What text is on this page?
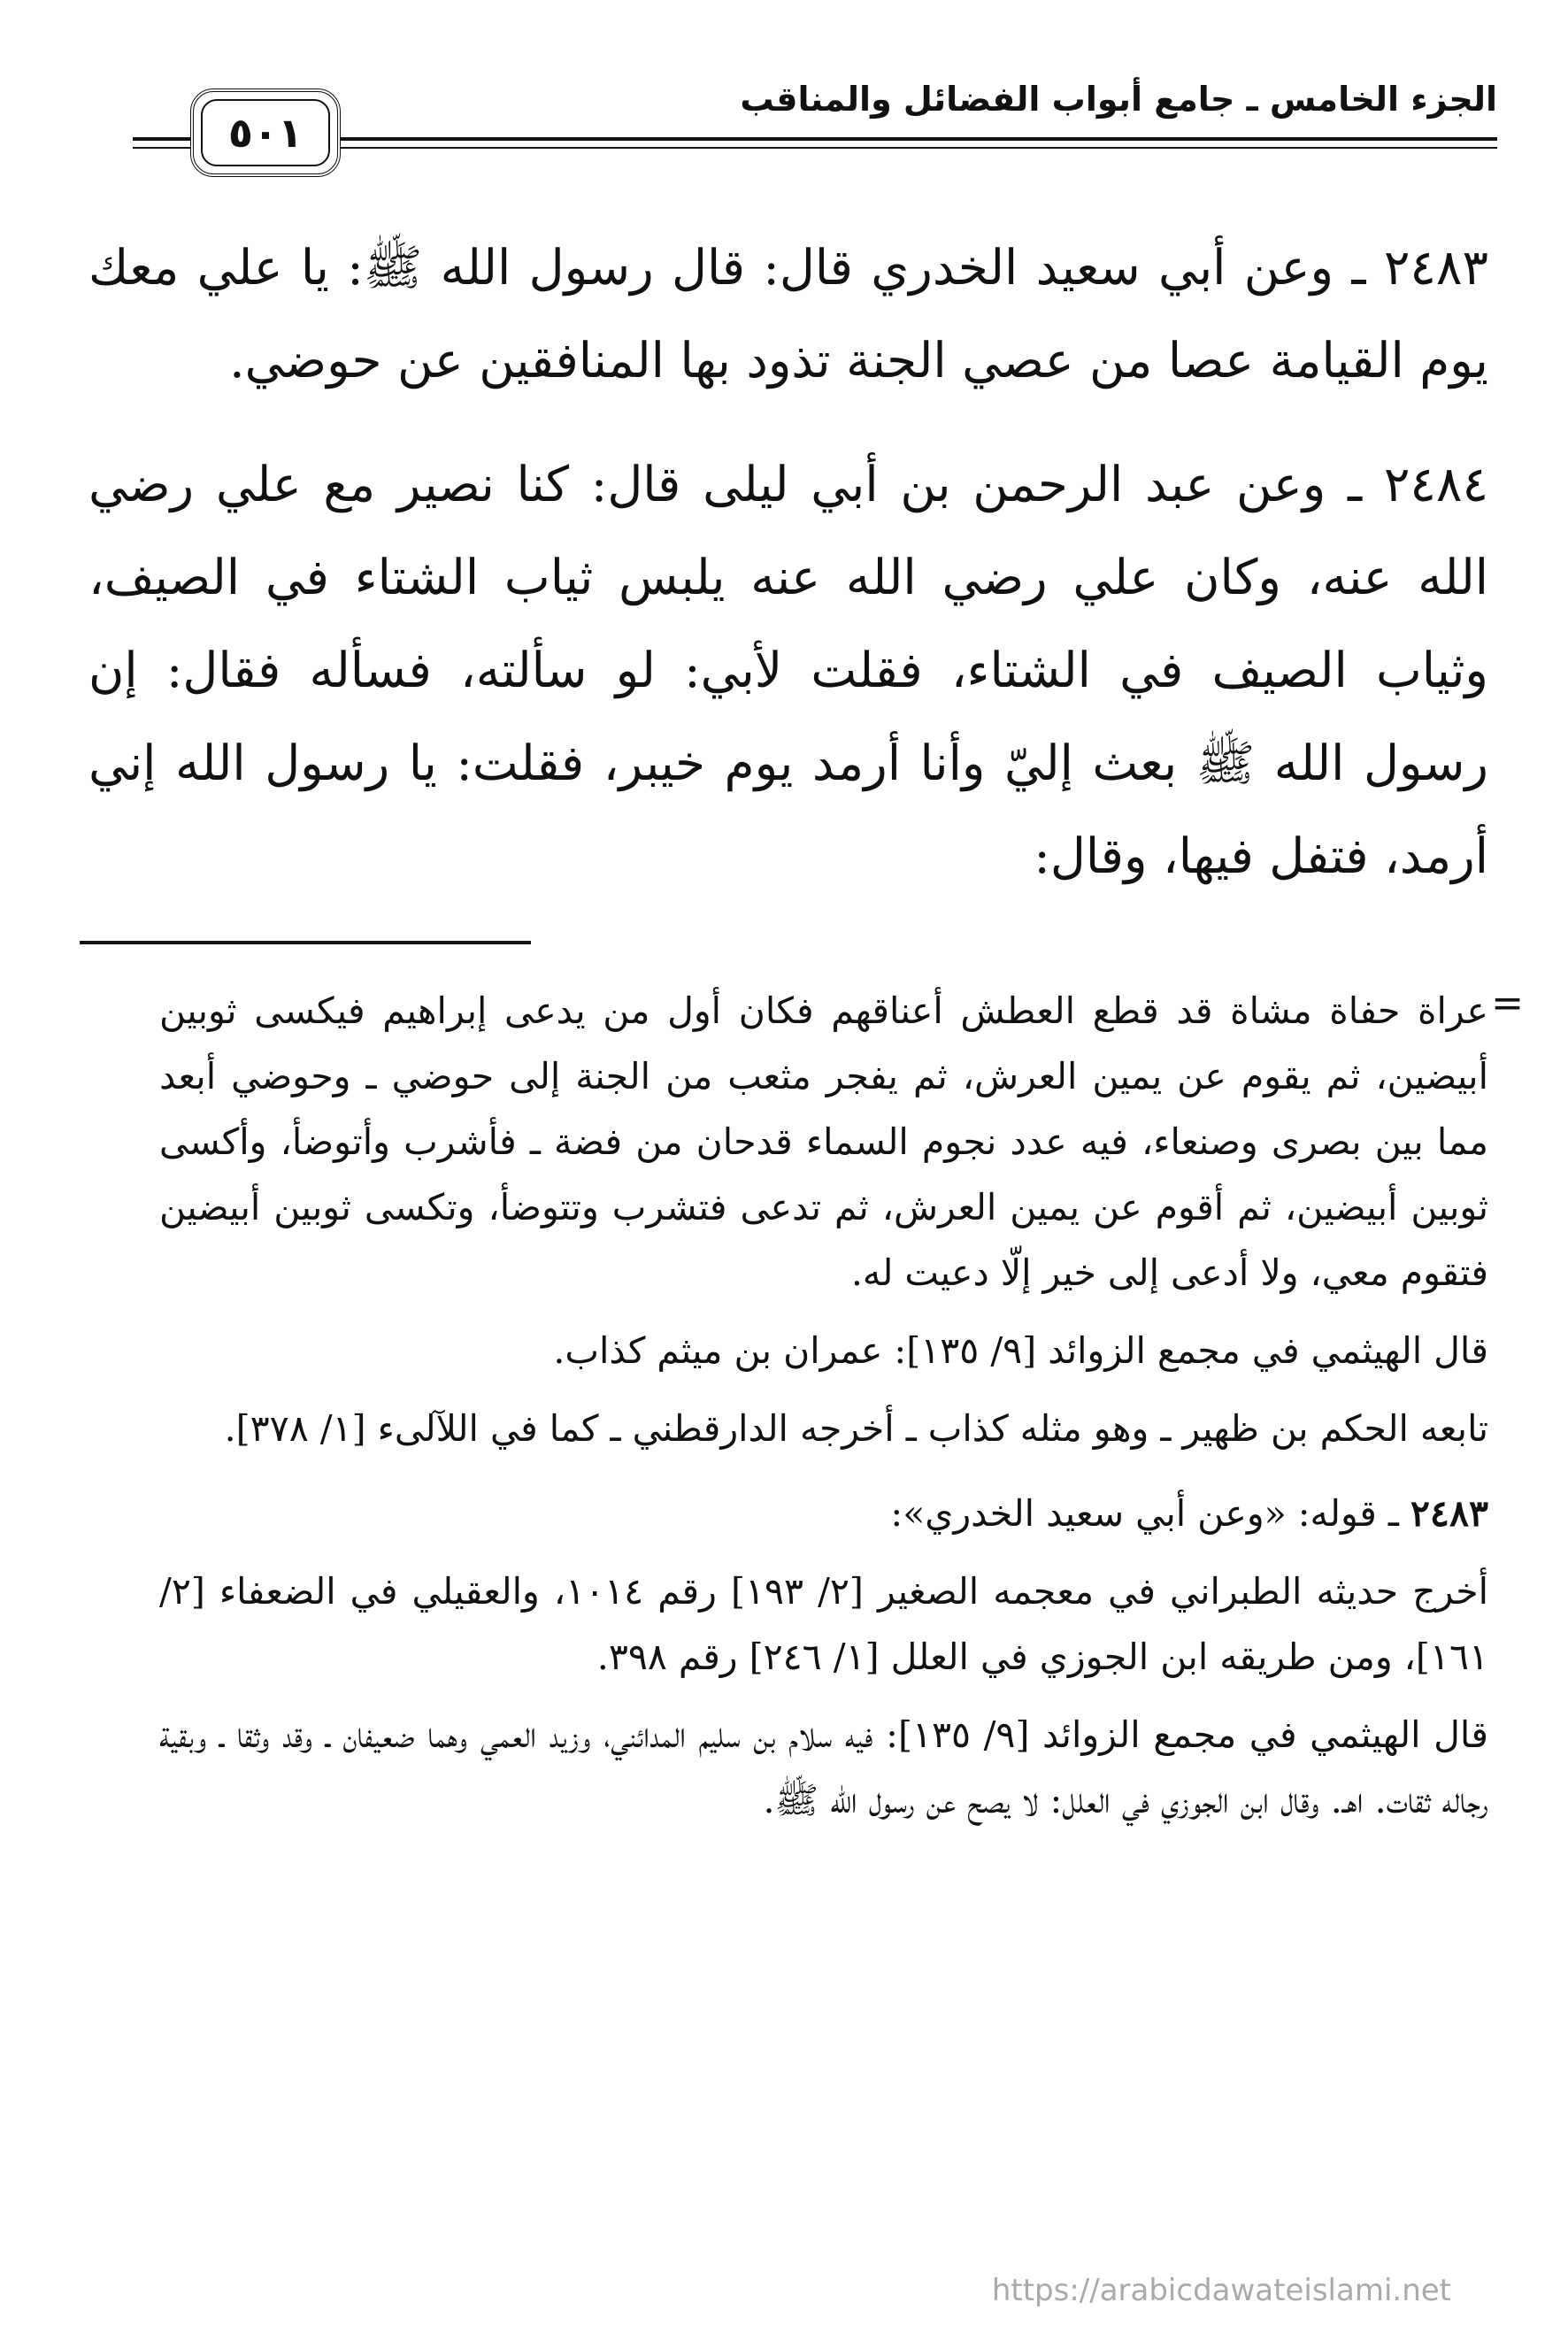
الجزء الخامس ـ جامع أبواب الفضائل والمناقب
٥٠١

٢٤٨٣ ـ وعن أبي سعيد الخدري قال: قال رسول الله ﷺ: يا علي معك يوم القيامة عصا من عصي الجنة تذود بها المنافقين عن حوضي.

٢٤٨٤ ـ وعن عبد الرحمن بن أبي ليلى قال: كنا نصير مع علي رضي الله عنه، وكان علي رضي الله عنه يلبس ثياب الشتاء في الصيف، وثياب الصيف في الشتاء، فقلت لأبي: لو سألته، فسأله فقال: إن رسول الله ﷺ بعث إليّ وأنا أرمد يوم خيبر، فقلت: يا رسول الله إني أرمد، فتفل فيها، وقال:

=

عراة حفاة مشاة قد قطع العطش أعناقهم فكان أول من يدعى إبراهيم فيكسى ثوبين أبيضين، ثم يقوم عن يمين العرش، ثم يفجر مثعب من الجنة إلى حوضي ـ وحوضي أبعد مما بين بصرى وصنعاء، فيه عدد نجوم السماء قدحان من فضة ـ فأشرب وأتوضأ، وأكسى ثوبين أبيضين، ثم أقوم عن يمين العرش، ثم تدعى فتشرب وتتوضأ، وتكسى ثوبين أبيضين فتقوم معي، ولا أدعى إلى خير إلّا دعيت له.

قال الهيثمي في مجمع الزوائد [٩/ ١٣٥]: عمران بن ميثم كذاب.

تابعه الحكم بن ظهير ـ وهو مثله كذاب ـ أخرجه الدارقطني ـ كما في اللآلىء [١/ ٣٧٨].

٢٤٨٣ ـ قوله: «وعن أبي سعيد الخدري»:

أخرج حديثه الطبراني في معجمه الصغير [٢/ ١٩٣] رقم ١٠١٤، والعقيلي في الضعفاء [٢/ ١٦١]، ومن طريقه ابن الجوزي في العلل [١/ ٢٤٦] رقم ٣٩٨.

قال الهيثمي في مجمع الزوائد [٩/ ١٣٥]: فيه سلام بن سليم المدائني، وزيد العمي وهما ضعيفان ـ وقد وثقا ـ وبقية رجاله ثقات. اهـ. وقال ابن الجوزي في العلل: لا يصح عن رسول الله ﷺ.

https://arabicdawateislami.net
